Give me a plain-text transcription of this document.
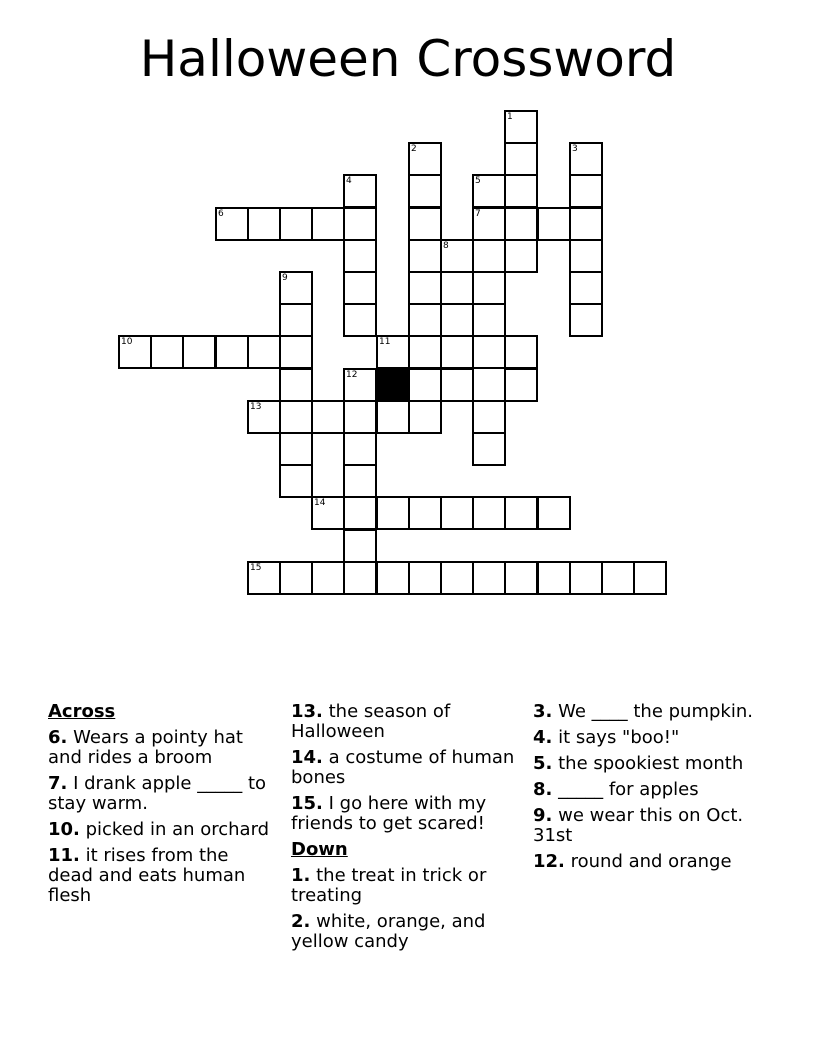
Halloween Crossword
1
2	3
4	5
6	7
8
9
10	11
12
13
14
15
Across
6. Wears a pointy hat and rides a broom
7. I drank apple _____ to stay warm.
10. picked in an orchard
11. it rises from the dead and eats human flesh
13. the season of Halloween
14. a costume of human bones
15. I go here with my friends to get scared!
Down
1. the treat in trick or treating
2. white, orange, and yellow candy
3. We ____ the pumpkin.
4. it says "boo!"
5. the spookiest month
8. _____ for apples
9. we wear this on Oct. 31st
12. round and orange
